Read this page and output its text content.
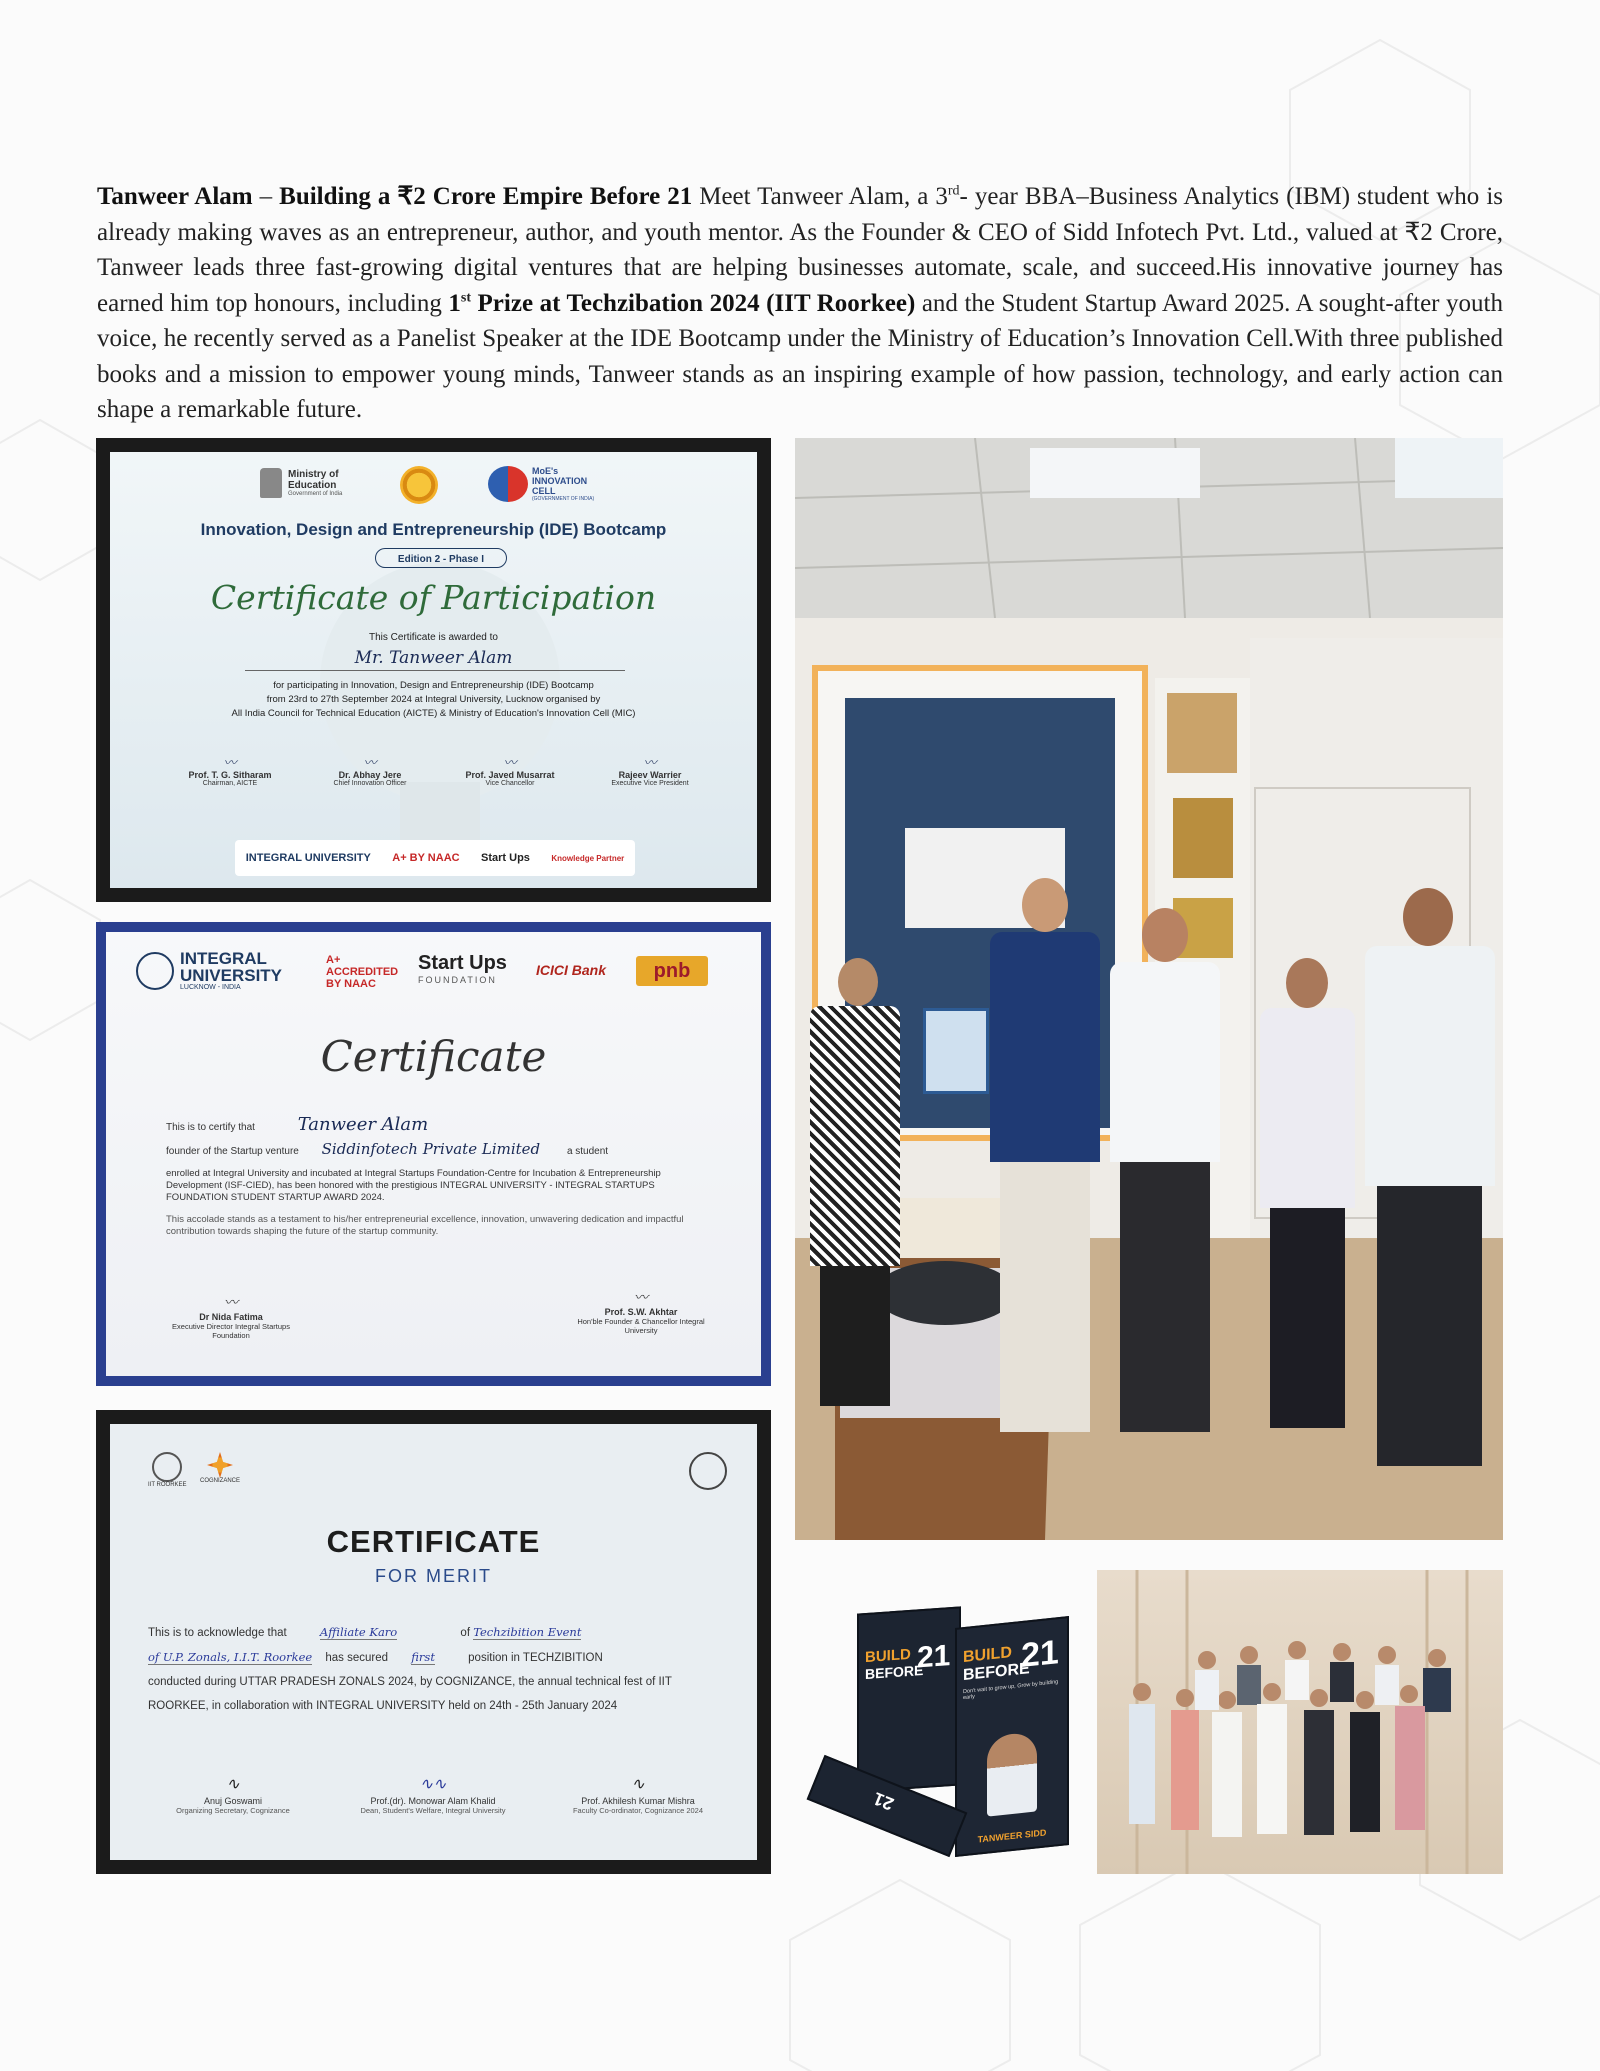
Tanweer Alam – Building a ₹2 Crore Empire Before 21 Meet Tanweer Alam, a 3rd- year BBA–Business Analytics (IBM) student who is already making waves as an entrepreneur, author, and youth mentor. As the Founder & CEO of Sidd Infotech Pvt. Ltd., valued at ₹2 Crore, Tanweer leads three fast-growing digital ventures that are helping businesses automate, scale, and succeed.His innovative journey has earned him top honours, including 1st Prize at Techzibation 2024 (IIT Roorkee) and the Student Startup Award 2025. A sought-after youth voice, he recently served as a Panelist Speaker at the IDE Bootcamp under the Ministry of Education’s Innovation Cell.With three published books and a mission to empower young minds, Tanweer stands as an inspiring example of how passion, technology, and early action can shape a remarkable future.

Ministry of Education
Government of India
MoE's INNOVATION CELL
(GOVERNMENT OF INDIA)
Innovation, Design and Entrepreneurship (IDE) Bootcamp
Edition 2 - Phase I
Certificate of Participation
This Certificate is awarded to
Mr. Tanweer Alam
for participating in Innovation, Design and Entrepreneurship (IDE) Bootcamp
from 23rd to 27th September 2024 at Integral University, Lucknow organised by
All India Council for Technical Education (AICTE) & Ministry of Education's Innovation Cell (MIC)
〰
Prof. T. G. Sitharam
Chairman, AICTE
〰
Dr. Abhay Jere
Chief Innovation Officer
〰
Prof. Javed Musarrat
Vice Chancellor
〰
Rajeev Warrier
Executive Vice President
INTEGRAL UNIVERSITY A+ BY NAAC Start Ups	Knowledge Partner
INTEGRAL UNIVERSITY
LUCKNOW - INDIA
A+ ACCREDITED BY NAAC
Start Ups
FOUNDATION
ICICI Bank	pnb
Certificate
This is to certify that Tanweer Alam
founder of the Startup venture Siddinfotech Private Limited	a student
enrolled at Integral University and incubated at Integral Startups Foundation-Centre for Incubation & Entrepreneurship Development (ISF-CIED), has been honored with the prestigious INTEGRAL UNIVERSITY - INTEGRAL STARTUPS FOUNDATION STUDENT STARTUP AWARD 2024.
This accolade stands as a testament to his/her entrepreneurial excellence, innovation, unwavering dedication and impactful contribution towards shaping the future of the startup community.
〰
Dr Nida Fatima
Executive Director Integral Startups Foundation
〰
Prof. S.W. Akhtar
Hon'ble Founder & Chancellor Integral University
IIT ROORKEE
COGNIZANCE
CERTIFICATE
FOR MERIT
This is to acknowledge that	Affiliate Karo	of Techzibition Event
of U.P. Zonals, I.I.T. Roorkee has secured first	position in TECHZIBITION
conducted during UTTAR PRADESH ZONALS 2024, by COGNIZANCE, the annual technical fest of IIT ROORKEE, in collaboration with INTEGRAL UNIVERSITY held on 24th - 25th January 2024
∿
Anuj Goswami
Organizing Secretary, Cognizance
∿∿
Prof.(dr). Monowar Alam Khalid
Dean, Student's Welfare, Integral University
∿
Prof. Akhilesh Kumar Mishra
Faculty Co-ordinator, Cognizance 2024
BUILD
BEFORE
21 BUILD
BEFORE
21
Don't wait to grow up, Grow by building early
TANWEER SIDD
21
